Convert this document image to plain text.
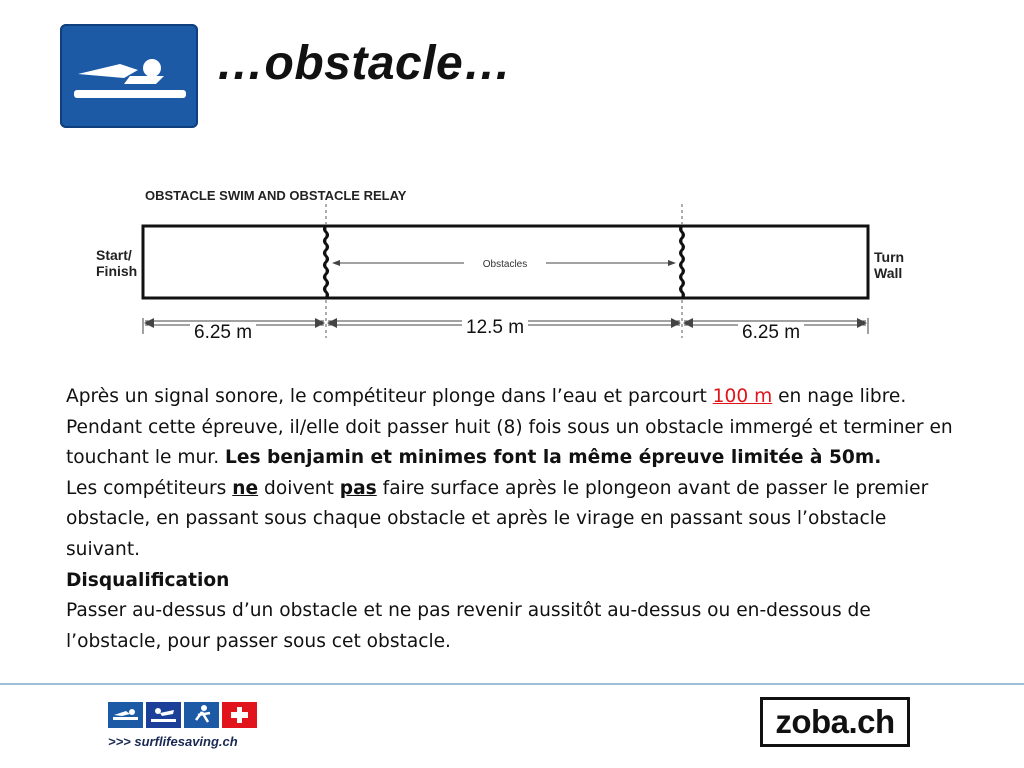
…obstacle…
OBSTACLE SWIM AND OBSTACLE RELAY
Obstacles
Start/
Finish
Turn
Wall
6.25 m	12.5 m	6.25 m

Après un signal sonore, le compétiteur plonge dans l’eau et parcourt 100 m en nage libre. Pendant cette épreuve, il/elle doit passer huit (8) fois sous un obstacle immergé et terminer en touchant le mur. Les benjamin et minimes font la même épreuve limitée à 50m.

Les compétiteurs ne doivent pas faire surface après le plongeon avant de passer le premier obstacle, en passant sous chaque obstacle et après le virage en passant sous l’obstacle suivant.

Disqualification

Passer au-dessus d’un obstacle et ne pas revenir aussitôt au-dessus ou en-dessous de l’obstacle, pour passer sous cet obstacle.

>>> surflifesaving.ch
zoba.ch
